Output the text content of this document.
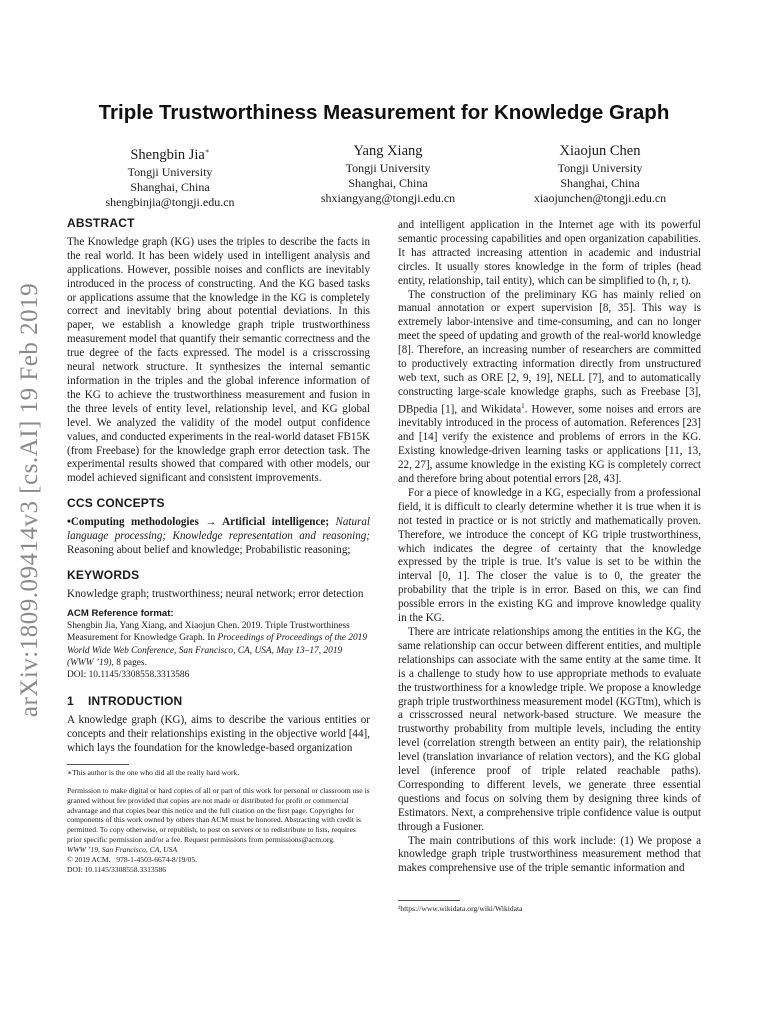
arXiv:1809.09414v3 [cs.AI] 19 Feb 2019
Triple Trustworthiness Measurement for Knowledge Graph
Shengbin Jia∗
Tongji University
Shanghai, China
shengbinjia@tongji.edu.cn
Yang Xiang
Tongji University
Shanghai, China
shxiangyang@tongji.edu.cn
Xiaojun Chen
Tongji University
Shanghai, China
xiaojunchen@tongji.edu.cn
ABSTRACT

The Knowledge graph (KG) uses the triples to describe the facts in the real world. It has been widely used in intelligent analysis and applications. However, possible noises and conflicts are inevitably introduced in the process of constructing. And the KG based tasks or applications assume that the knowledge in the KG is completely correct and inevitably bring about potential deviations. In this paper, we establish a knowledge graph triple trustworthiness measurement model that quantify their semantic correctness and the true degree of the facts expressed. The model is a crisscrossing neural network structure. It synthesizes the internal semantic information in the triples and the global inference information of the KG to achieve the trustworthiness measurement and fusion in the three levels of entity level, relationship level, and KG global level. We analyzed the validity of the model output confidence values, and conducted experiments in the real-world dataset FB15K (from Freebase) for the knowledge graph error detection task. The experimental results showed that compared with other models, our model achieved significant and consistent improvements.

CCS CONCEPTS

•Computing methodologies → Artificial intelligence; Natural language processing; Knowledge representation and reasoning; Reasoning about belief and knowledge; Probabilistic reasoning;

KEYWORDS

Knowledge graph; trustworthiness; neural network; error detection

ACM Reference format:
Shengbin Jia, Yang Xiang, and Xiaojun Chen. 2019. Triple Trustworthiness Measurement for Knowledge Graph. In Proceedings of Proceedings of the 2019 World Wide Web Conference, San Francisco, CA, USA, May 13–17, 2019 (WWW ’19), 8 pages.
DOI: 10.1145/3308558.3313586
1    INTRODUCTION

A knowledge graph (KG), aims to describe the various entities or concepts and their relationships existing in the objective world [44], which lays the foundation for the knowledge-based organization

∗This author is the one who did all the really hard work.
Permission to make digital or hard copies of all or part of this work for personal or classroom use is granted without fee provided that copies are not made or distributed for profit or commercial advantage and that copies bear this notice and the full citation on the first page. Copyrights for components of this work owned by others than ACM must be honored. Abstracting with credit is permitted. To copy otherwise, or republish, to post on servers or to redistribute to lists, requires prior specific permission and/or a fee. Request permissions from permissions@acm.org.
WWW ’19, San Francisco, CA, USA
© 2019 ACM.   978-1-4503-6674-8/19/05.
DOI: 10.1145/3308558.3313586

and intelligent application in the Internet age with its powerful semantic processing capabilities and open organization capabilities. It has attracted increasing attention in academic and industrial circles. It usually stores knowledge in the form of triples (head entity, relationship, tail entity), which can be simplified to (h, r, t).

The construction of the preliminary KG has mainly relied on manual annotation or expert supervision [8, 35]. This way is extremely labor-intensive and time-consuming, and can no longer meet the speed of updating and growth of the real-world knowledge [8]. Therefore, an increasing number of researchers are committed to productively extracting information directly from unstructured web text, such as ORE [2, 9, 19], NELL [7], and to automatically constructing large-scale knowledge graphs, such as Freebase [3], DBpedia [1], and Wikidata$^1$. However, some noises and errors are inevitably introduced in the process of automation. References [23] and [14] verify the existence and problems of errors in the KG. Existing knowledge-driven learning tasks or applications [11, 13, 22, 27], assume knowledge in the existing KG is completely correct and therefore bring about potential errors [28, 43].

For a piece of knowledge in a KG, especially from a professional field, it is difficult to clearly determine whether it is true when it is not tested in practice or is not strictly and mathematically proven. Therefore, we introduce the concept of KG triple trustworthiness, which indicates the degree of certainty that the knowledge expressed by the triple is true. It’s value is set to be within the interval [0, 1]. The closer the value is to 0, the greater the probability that the triple is in error. Based on this, we can find possible errors in the existing KG and improve knowledge quality in the KG.

There are intricate relationships among the entities in the KG, the same relationship can occur between different entities, and multiple relationships can associate with the same entity at the same time. It is a challenge to study how to use appropriate methods to evaluate the trustworthiness for a knowledge triple. We propose a knowledge graph triple trustworthiness measurement model (KGTtm), which is a crisscrossed neural network-based structure. We measure the trustworthy probability from multiple levels, including the entity level (correlation strength between an entity pair), the relationship level (translation invariance of relation vectors), and the KG global level (inference proof of triple related reachable paths). Corresponding to different levels, we generate three essential questions and focus on solving them by designing three kinds of Estimators. Next, a comprehensive triple confidence value is output through a Fusioner.

The main contributions of this work include: (1) We propose a knowledge graph triple trustworthiness measurement method that makes comprehensive use of the triple semantic information and

¹https://www.wikidata.org/wiki/Wikidata
